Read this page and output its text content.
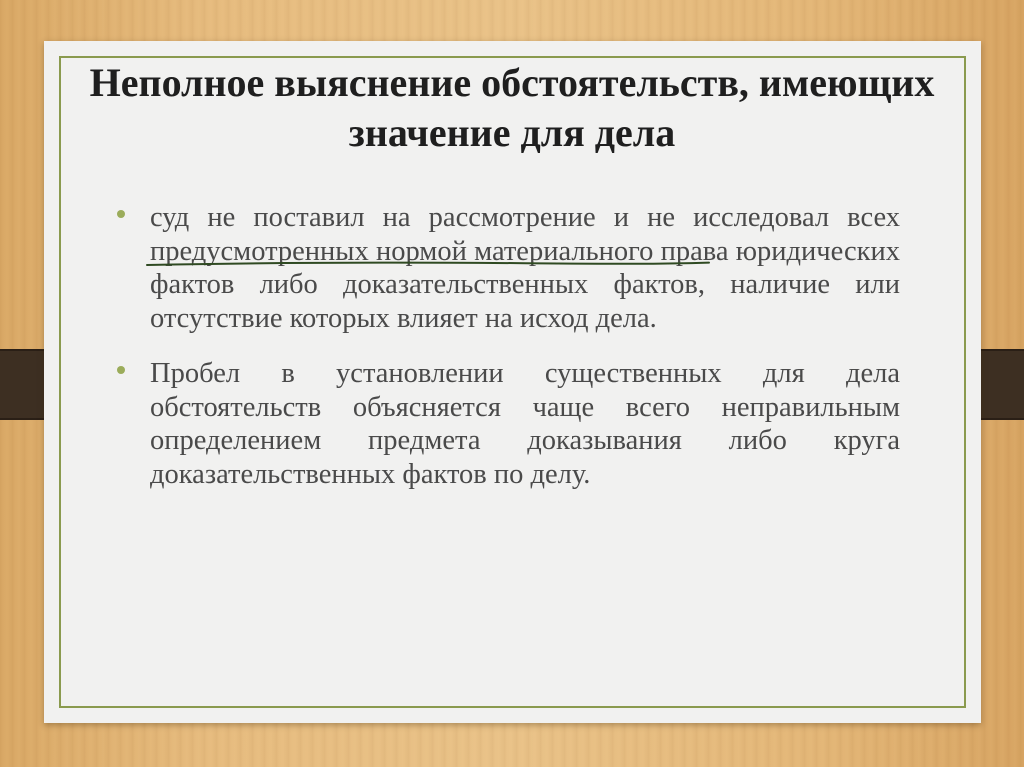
Неполное выяснение обстоятельств, имеющих значение для дела
суд не поставил на рассмотрение и не исследовал всех предусмотренных нормой материального права юридических фактов либо доказательственных фактов, наличие или отсутствие которых влияет на исход дела.
Пробел в установлении существенных для дела обстоятельств объясняется чаще всего неправильным определением предмета доказывания либо круга доказательственных фактов по делу.
